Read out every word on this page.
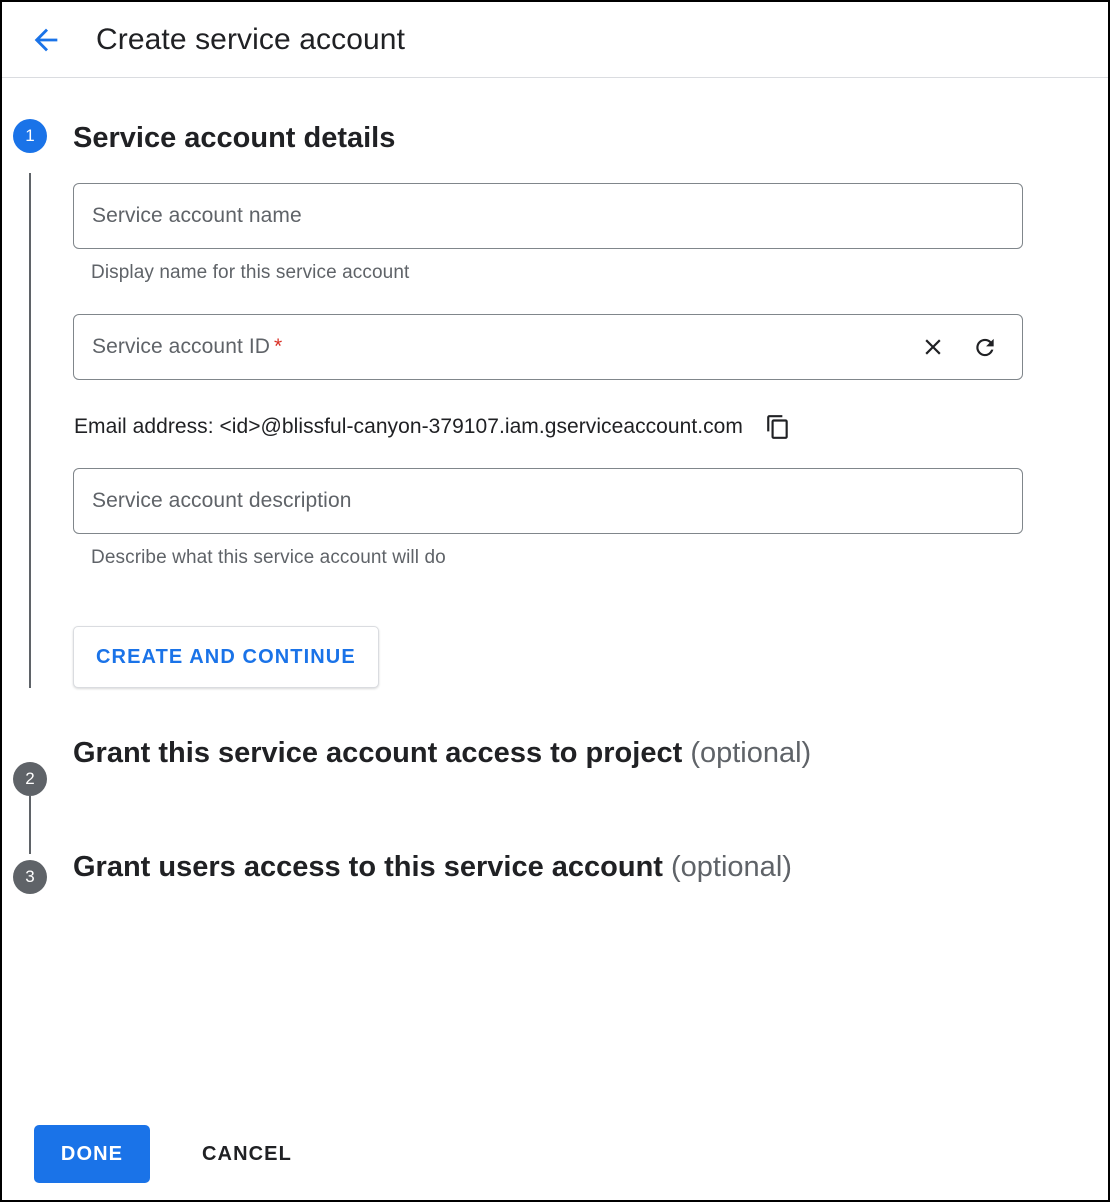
Create service account
1	Service account details
Service account name
Display name for this service account
Service account ID *
Email address: <id>@blissful-canyon-379107.iam.gserviceaccount.com
Service account description
Describe what this service account will do
CREATE AND CONTINUE
2
Grant this service account access to project (optional)
3	Grant users access to this service account (optional)
DONE	CANCEL
